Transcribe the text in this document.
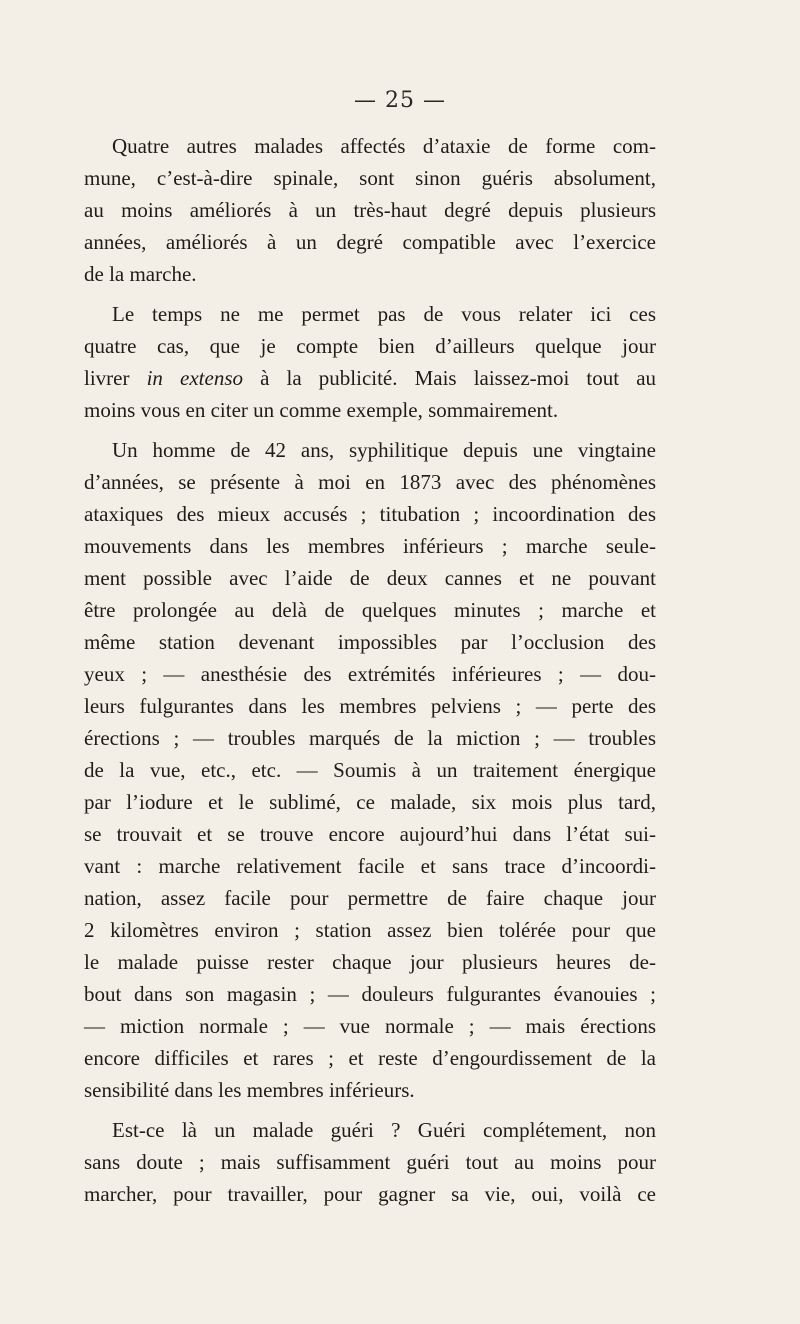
— 25 —

Quatre autres malades affectés d’ataxie de forme com-
mune, c’est-à-dire spinale, sont sinon guéris absolument,
au moins améliorés à un très-haut degré depuis plusieurs
années, améliorés à un degré compatible avec l’exercice
de la marche.

Le temps ne me permet pas de vous relater ici ces
quatre cas, que je compte bien d’ailleurs quelque jour
livrer in extenso à la publicité. Mais laissez-moi tout au
moins vous en citer un comme exemple, sommairement.

Un homme de 42 ans, syphilitique depuis une vingtaine
d’années, se présente à moi en 1873 avec des phénomènes
ataxiques des mieux accusés ; titubation ; incoordination des
mouvements dans les membres inférieurs ; marche seule-
ment possible avec l’aide de deux cannes et ne pouvant
être prolongée au delà de quelques minutes ; marche et
même station devenant impossibles par l’occlusion des
yeux ; — anesthésie des extrémités inférieures ; — dou-
leurs fulgurantes dans les membres pelviens ; — perte des
érections ; — troubles marqués de la miction ; — troubles
de la vue, etc., etc. — Soumis à un traitement énergique
par l’iodure et le sublimé, ce malade, six mois plus tard,
se trouvait et se trouve encore aujourd’hui dans l’état sui-
vant : marche relativement facile et sans trace d’incoordi-
nation, assez facile pour permettre de faire chaque jour
2 kilomètres environ ; station assez bien tolérée pour que
le malade puisse rester chaque jour plusieurs heures de-
bout dans son magasin ; — douleurs fulgurantes évanouies ;
— miction normale ; — vue normale ; — mais érections
encore difficiles et rares ; et reste d’engourdissement de la
sensibilité dans les membres inférieurs.

Est-ce là un malade guéri ? Guéri complétement, non
sans doute ; mais suffisamment guéri tout au moins pour
marcher, pour travailler, pour gagner sa vie, oui, voilà ce
